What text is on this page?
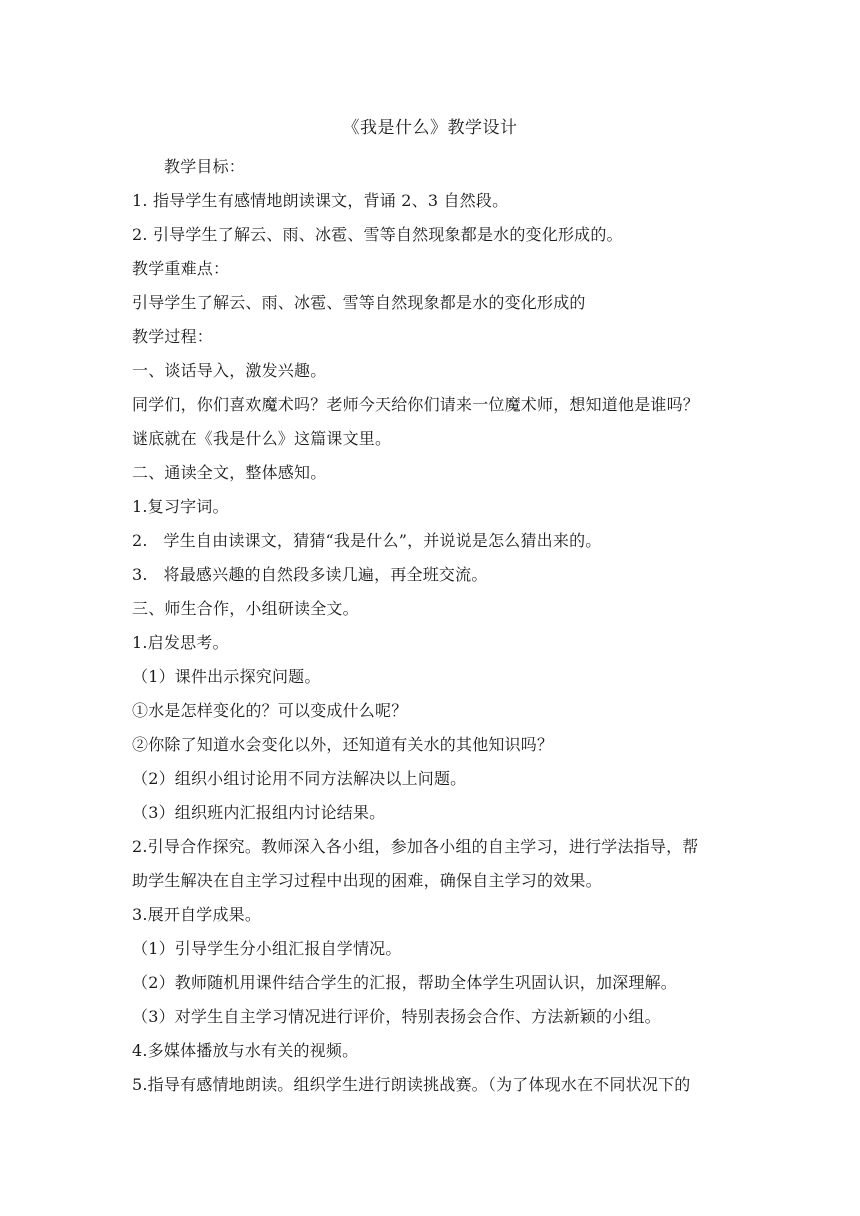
《我是什么》教学设计
教学目标：
1. 指导学生有感情地朗读课文，背诵 2、3 自然段。
2. 引导学生了解云、雨、冰雹、雪等自然现象都是水的变化形成的。
教学重难点：
引导学生了解云、雨、冰雹、雪等自然现象都是水的变化形成的
教学过程：
一、谈话导入，激发兴趣。
同学们，你们喜欢魔术吗？老师今天给你们请来一位魔术师，想知道他是谁吗？
谜底就在《我是什么》这篇课文里。
二、通读全文，整体感知。
1.复习字词。
2.   学生自由读课文，猜猜“我是什么”，并说说是怎么猜出来的。
3.   将最感兴趣的自然段多读几遍，再全班交流。
三、师生合作，小组研读全文。
1.启发思考。
（1）课件出示探究问题。
①水是怎样变化的？可以变成什么呢？
②你除了知道水会变化以外，还知道有关水的其他知识吗？
（2）组织小组讨论用不同方法解决以上问题。
（3）组织班内汇报组内讨论结果。
2.引导合作探究。教师深入各小组，参加各小组的自主学习，进行学法指导，帮
助学生解决在自主学习过程中出现的困难，确保自主学习的效果。
3.展开自学成果。
（1）引导学生分小组汇报自学情况。
（2）教师随机用课件结合学生的汇报，帮助全体学生巩固认识，加深理解。
（3）对学生自主学习情况进行评价，特别表扬会合作、方法新颖的小组。
4.多媒体播放与水有关的视频。
5.指导有感情地朗读。组织学生进行朗读挑战赛。（为了体现水在不同状况下的
